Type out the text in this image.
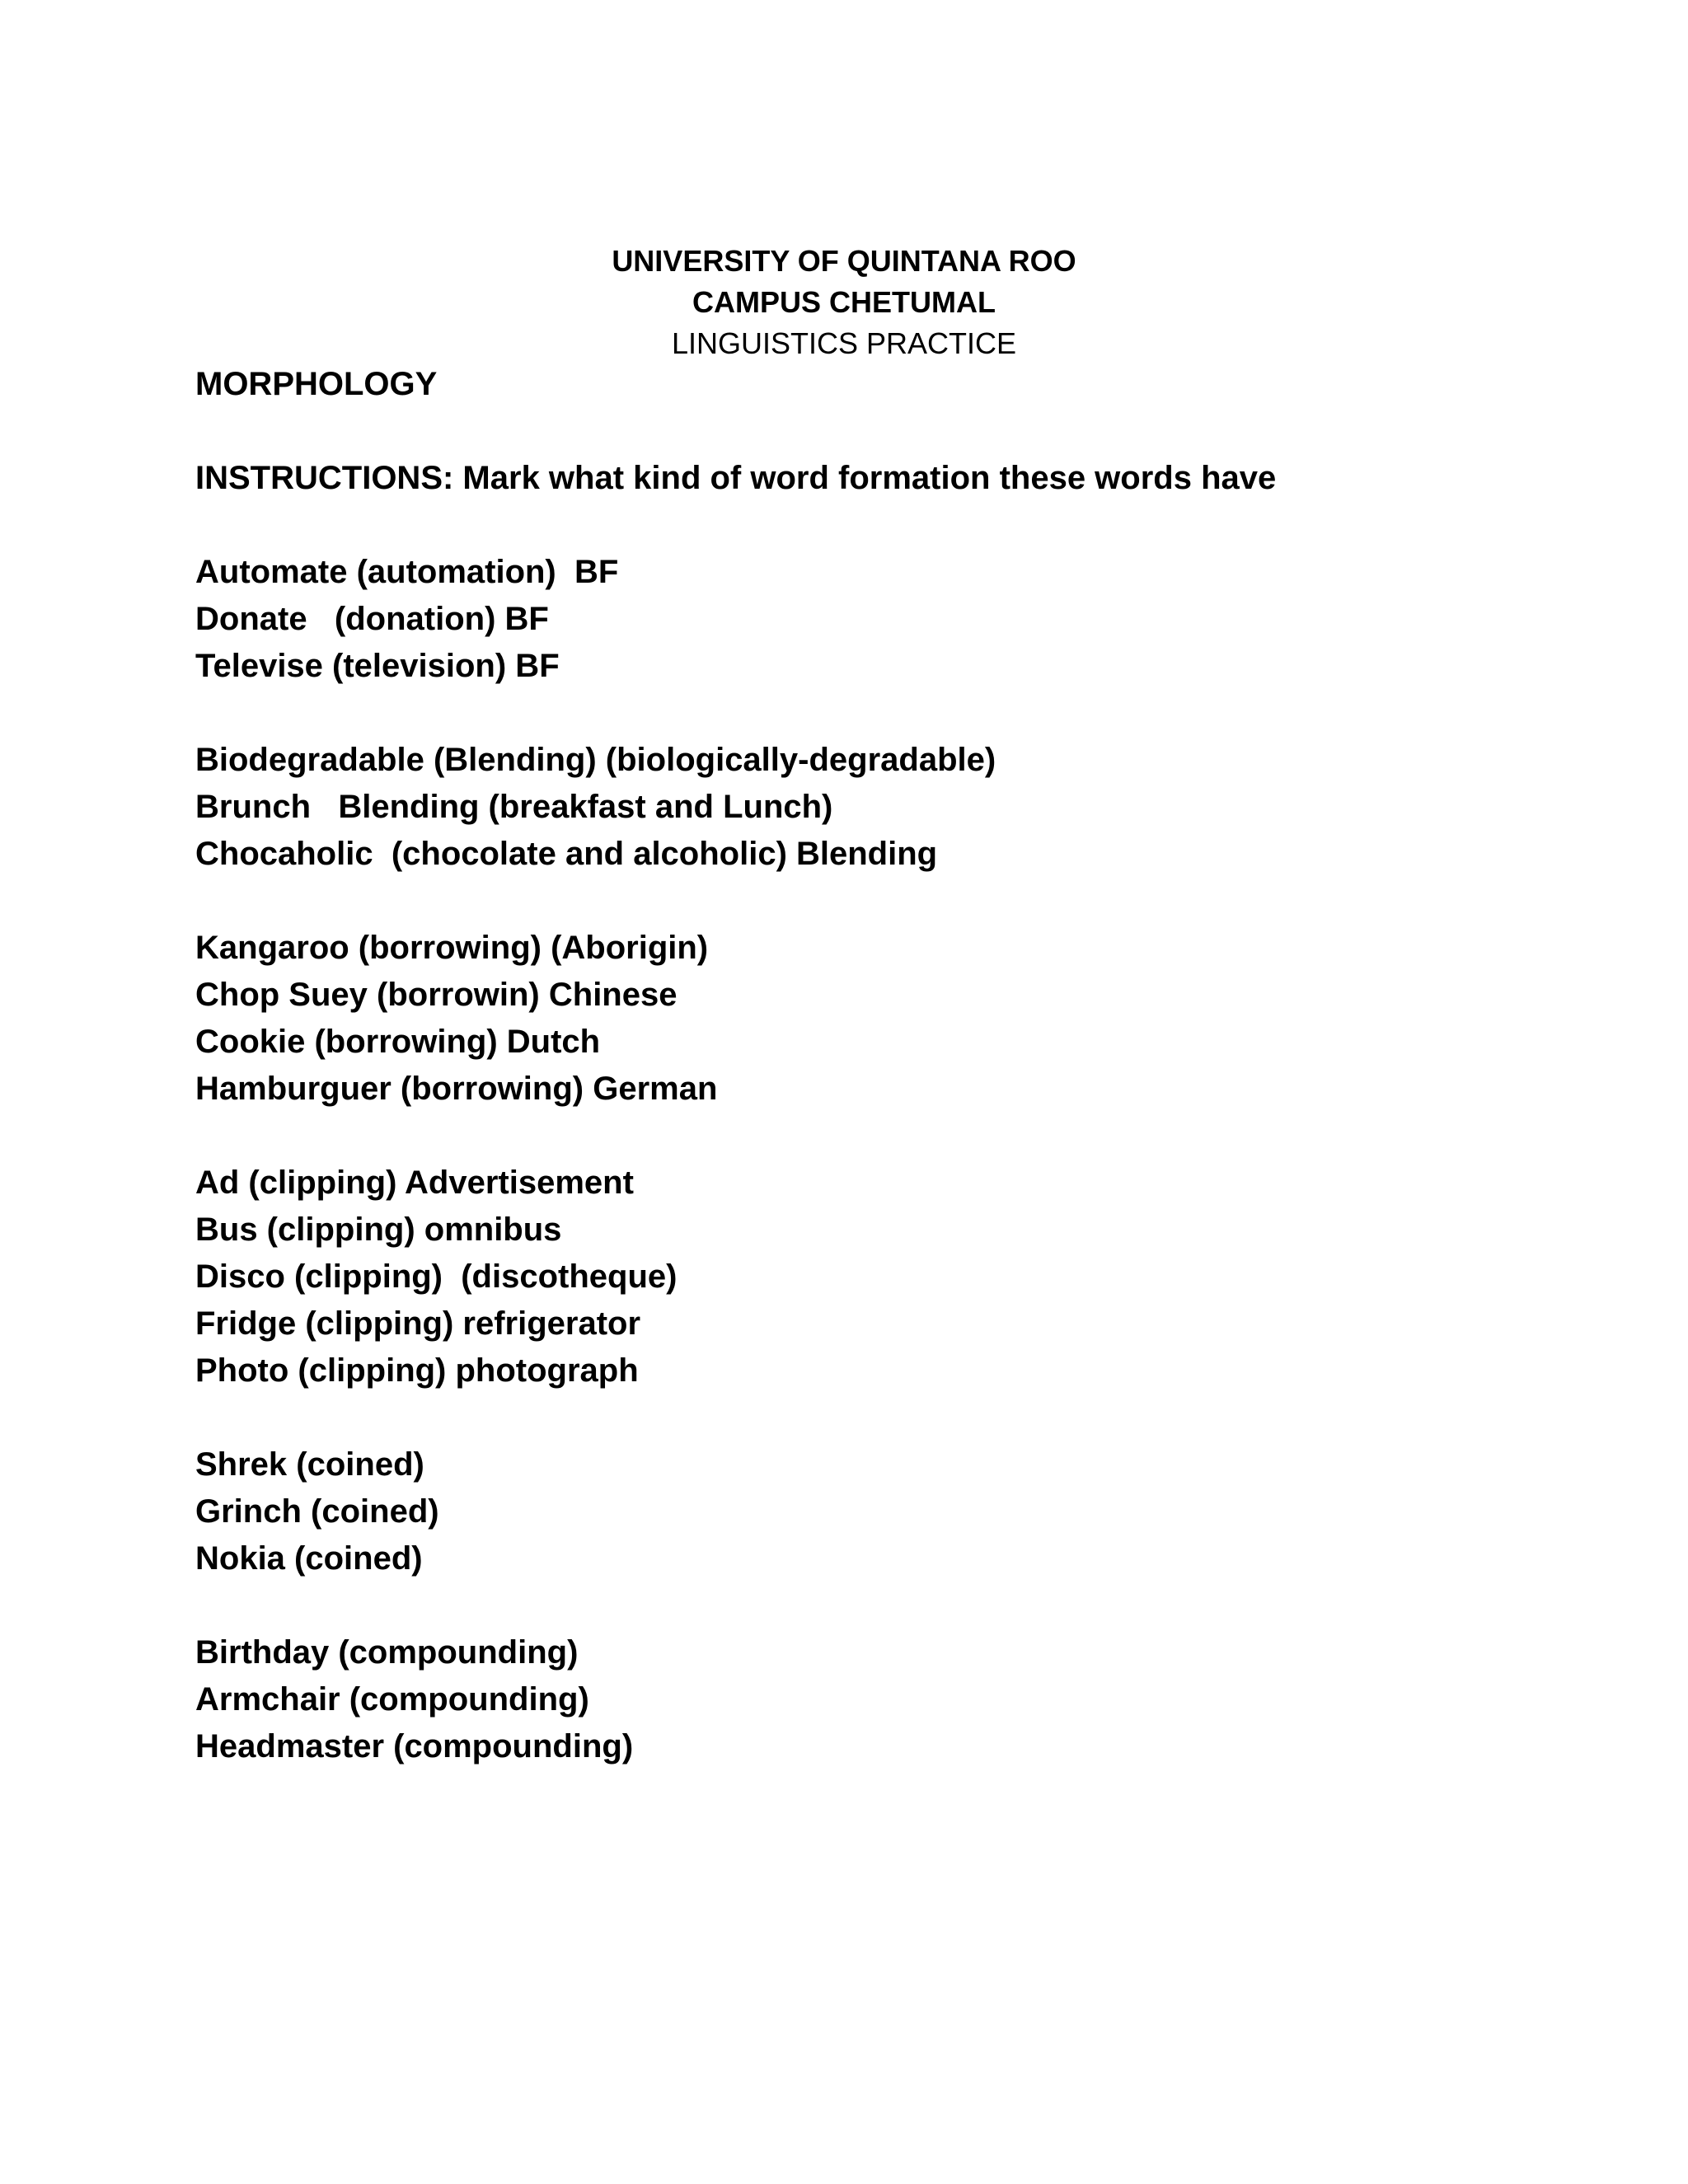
UNIVERSITY OF QUINTANA ROO
CAMPUS CHETUMAL
LINGUISTICS PRACTICE
MORPHOLOGY
INSTRUCTIONS: Mark what kind of word formation these words have
Automate (automation)  BF
Donate   (donation) BF
Televise (television) BF
Biodegradable (Blending) (biologically-degradable)
Brunch   Blending (breakfast and Lunch)
Chocaholic  (chocolate and alcoholic) Blending
Kangaroo (borrowing) (Aborigin)
Chop Suey (borrowin) Chinese
Cookie (borrowing) Dutch
Hamburguer (borrowing) German
Ad (clipping) Advertisement
Bus (clipping) omnibus
Disco (clipping)  (discotheque)
Fridge (clipping) refrigerator
Photo (clipping) photograph
Shrek (coined)
Grinch (coined)
Nokia (coined)
Birthday (compounding)
Armchair (compounding)
Headmaster (compounding)
